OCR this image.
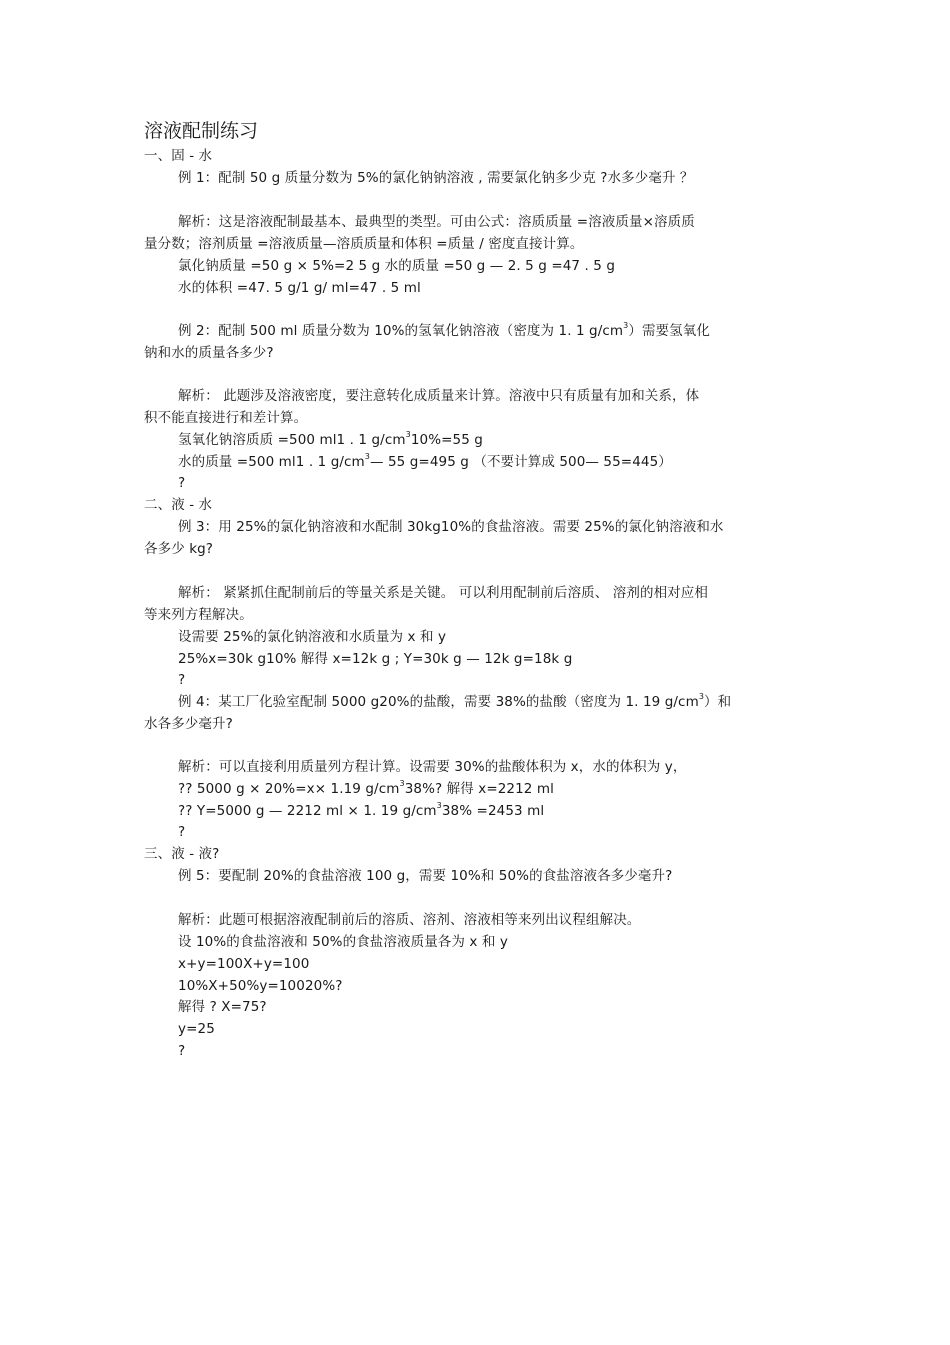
溶液配制练习
一、固 - 水
例 1：配制 50 g 质量分数为 5%的氯化钠钠溶液 , 需要氯化钠多少克 ?水多少毫升 ？
解析：这是溶液配制最基本、最典型的类型。可由公式：溶质质量 =溶液质量×溶质质
量分数；溶剂质量 =溶液质量—溶质质量和体积 =质量 / 密度直接计算。
氯化钠质量 =50 g × 5%=2 5 g 水的质量 =50 g — 2. 5 g =47 . 5 g
水的体积 =47. 5 g/1 g/ ml=47 . 5 ml
例 2：配制 500 ml 质量分数为 10%的氢氧化钠溶液（密度为 1. 1 $g/cm^3$）需要氢氧化
钠和水的质量各多少?
解析： 此题涉及溶液密度，要注意转化成质量来计算。溶液中只有质量有加和关系，体
积不能直接进行和差计算。
氢氧化钠溶质质 =500 ml1 . 1 $g/cm^310\%=55$ g
水的质量 =500 ml1 . 1 $g/cm^3—$ 55 g=495 g （不要计算成 500— 55=445）
?
二、液 - 水
例 3：用 25%的氯化钠溶液和水配制 30kg10%的食盐溶液。需要 25%的氯化钠溶液和水
各多少 kg?
解析： 紧紧抓住配制前后的等量关系是关键。 可以利用配制前后溶质、 溶剂的相对应相
等来列方程解决。
设需要 25%的氯化钠溶液和水质量为 x 和 y
25%x=30k g10% 解得 x=12k g ; Y=30k g — 12k g=18k g
?
例 4：某工厂化验室配制 5000 g20%的盐酸，需要 38%的盐酸（密度为 1. 19 $g/cm^3$）和
水各多少毫升?
解析：可以直接利用质量列方程计算。设需要 30%的盐酸体积为 x，水的体积为 y，
?? 5000 g × 20%=x× 1.19 $g/cm^338\%$? 解得 x=2212 ml
?? Y=5000 g — 2212 ml × 1. 19 $g/cm^338\% =2453$ ml
?
三、液 - 液?
例 5：要配制 20%的食盐溶液 100 g，需要 10%和 50%的食盐溶液各多少毫升?
解析：此题可根据溶液配制前后的溶质、溶剂、溶液相等来列出议程组解决。
设 10%的食盐溶液和 50%的食盐溶液质量各为 x 和 y
x+y=100X+y=100
10%X+50%y=10020%?
解得 ? X=75?
y=25
?
